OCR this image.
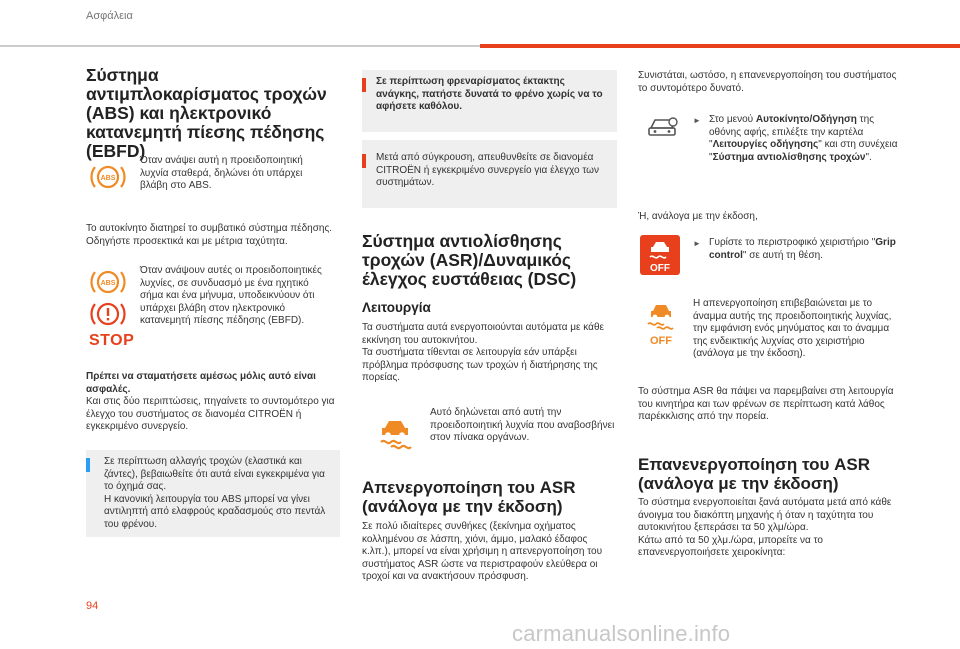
Ασφάλεια
Σύστημα αντιμπλοκαρίσματος τροχών (ABS) και ηλεκτρονικό κατανεμητή πίεσης πέδησης (EBFD)
ABS
Όταν ανάψει αυτή η προειδοποιητική λυχνία σταθερά, δηλώνει ότι υπάρχει βλάβη στο ABS.
Το αυτοκίνητο διατηρεί το συμβατικό σύστημα πέδησης. Οδηγήστε προσεκτικά και με μέτρια ταχύτητα.
ABS
STOP
Όταν ανάψουν αυτές οι προειδοποιητικές λυχνίες, σε συνδυασμό με ένα ηχητικό σήμα και ένα μήνυμα, υποδεικνύουν ότι υπάρχει βλάβη στον ηλεκτρονικό κατανεμητή πίεσης πέδησης (EBFD).
Πρέπει να σταματήσετε αμέσως μόλις αυτό είναι ασφαλές.
Και στις δύο περιπτώσεις, πηγαίνετε το συντομότερο για έλεγχο του συστήματος σε διανομέα CITROËN ή εγκεκριμένο συνεργείο.
Σε περίπτωση αλλαγής τροχών (ελαστικά και ζάντες), βεβαιωθείτε ότι αυτά είναι εγκεκριμένα για το όχημά σας.
Η κανονική λειτουργία του ABS μπορεί να γίνει αντιληπτή από ελαφρούς κραδασμούς στο πεντάλ του φρένου.
Σε περίπτωση φρεναρίσματος έκτακτης ανάγκης, πατήστε δυνατά το φρένο χωρίς να το αφήσετε καθόλου.
Μετά από σύγκρουση, απευθυνθείτε σε διανομέα CITROËN ή εγκεκριμένο συνεργείο για έλεγχο των συστημάτων.
Σύστημα αντιολίσθησης τροχών (ASR)/Δυναμικός έλεγχος ευστάθειας (DSC)
Λειτουργία
Τα συστήματα αυτά ενεργοποιούνται αυτόματα με κάθε εκκίνηση του αυτοκινήτου.
Τα συστήματα τίθενται σε λειτουργία εάν υπάρξει πρόβλημα πρόσφυσης των τροχών ή διατήρησης της πορείας.
Αυτό δηλώνεται από αυτή την προειδοποιητική λυχνία που αναβοσβήνει στον πίνακα οργάνων.
Απενεργοποίηση του ASR (ανάλογα με την έκδοση)
Σε πολύ ιδιαίτερες συνθήκες (ξεκίνημα οχήματος κολλημένου σε λάσπη, χιόνι, άμμο, μαλακό έδαφος κ.λπ.), μπορεί να είναι χρήσιμη η απενεργοποίηση του συστήματος ASR ώστε να περιστραφούν ελεύθερα οι τροχοί και να ανακτήσουν πρόσφυση.
Συνιστάται, ωστόσο, η επανενεργοποίηση του συστήματος το συντομότερο δυνατό.
► Στο μενού Αυτοκίνητο/Οδήγηση της οθόνης αφής, επιλέξτε την καρτέλα "Λειτουργίες οδήγησης" και στη συνέχεια "Σύστημα αντιολίσθησης τροχών".
Ή, ανάλογα με την έκδοση,
OFF
► Γυρίστε το περιστροφικό χειριστήριο "Grip control" σε αυτή τη θέση.
OFF
Η απενεργοποίηση επιβεβαιώνεται με το άναμμα αυτής της προειδοποιητικής λυχνίας, την εμφάνιση ενός μηνύματος και το άναμμα της ενδεικτικής λυχνίας στο χειριστήριο (ανάλογα με την έκδοση).
Το σύστημα ASR θα πάψει να παρεμβαίνει στη λειτουργία του κινητήρα και των φρένων σε περίπτωση κατά λάθος παρέκκλισης από την πορεία.
Επανενεργοποίηση του ASR (ανάλογα με την έκδοση)
Το σύστημα ενεργοποιείται ξανά αυτόματα μετά από κάθε άνοιγμα του διακόπτη μηχανής ή όταν η ταχύτητα του αυτοκινήτου ξεπεράσει τα 50 χλμ/ώρα.
Κάτω από τα 50 χλμ./ώρα, μπορείτε να το επανενεργοποιήσετε χειροκίνητα:
94
carmanualsonline.info
